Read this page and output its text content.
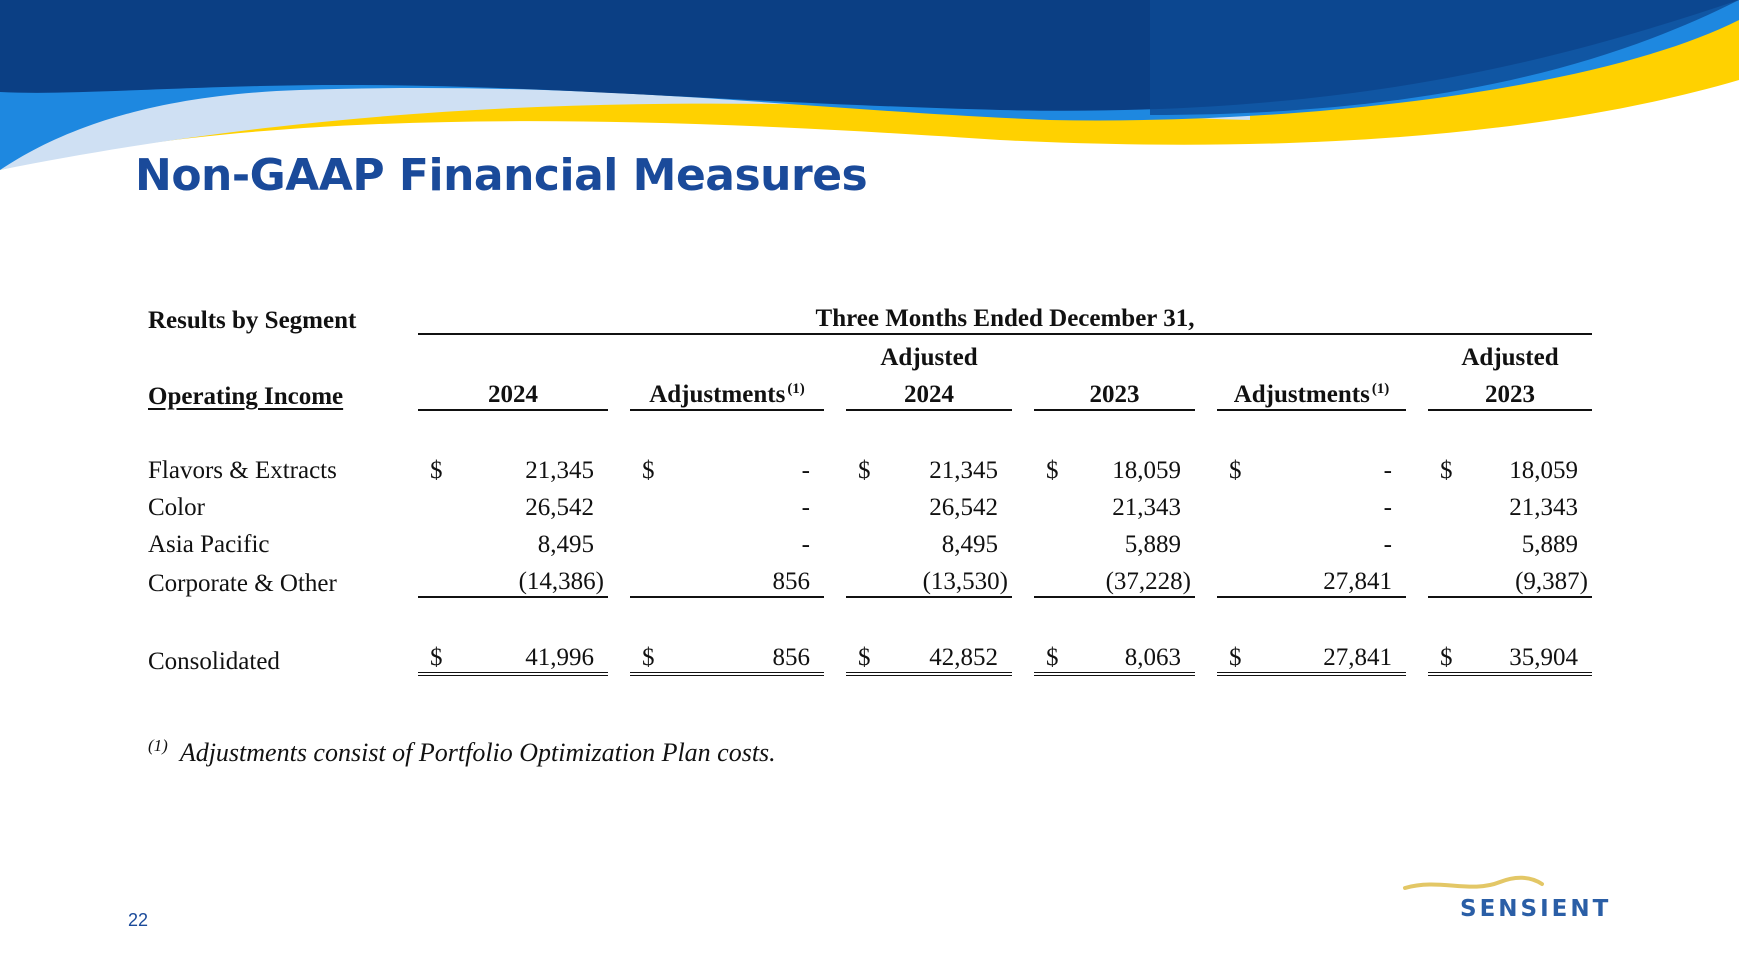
Non-GAAP Financial Measures
Results by Segment	Three Months Ended December 31,																
							Adjusted									Adjusted	
Operating Income	2024			Adjustments $^{(1)}$			2024			2023			Adjustments $^{(1)}$			2023	

Flavors & Extracts	$	21,345		$	-		$	21,345		$	18,059		$	-		$	18,059
Color		26,542			-			26,542			21,343			-			21,343
Asia Pacific		8,495			-			8,495			5,889			-			5,889
Corporate & Other		(14,386)			856			(13,530)			(37,228)			27,841			(9,387)

Consolidated	$	41,996		$	856		$	42,852		$	8,063		$	27,841		$	35,904
$^{(1)}$ Adjustments consist of Portfolio Optimization Plan costs.
22	SENSIENT
